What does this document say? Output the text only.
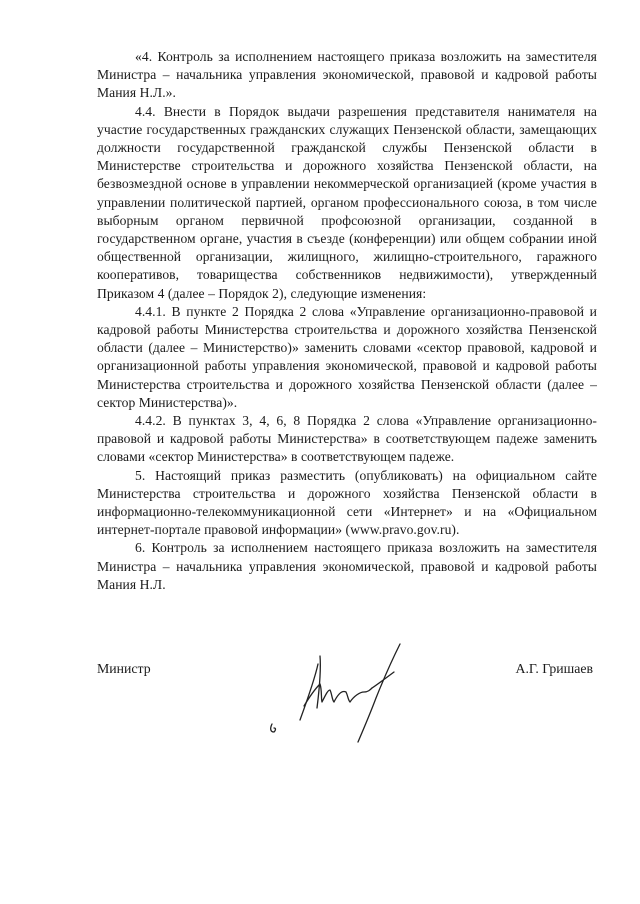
«4. Контроль за исполнением настоящего приказа возложить на заместителя Министра – начальника управления экономической, правовой и кадровой работы Мания Н.Л.».

4.4. Внести в Порядок выдачи разрешения представителя нанимателя на участие государственных гражданских служащих Пензенской области, замещающих должности государственной гражданской службы Пензенской области в Министерстве строительства и дорожного хозяйства Пензенской области, на безвозмездной основе в управлении некоммерческой организацией (кроме участия в управлении политической партией, органом профессионального союза, в том числе выборным органом первичной профсоюзной организации, созданной в государственном органе, участия в съезде (конференции) или общем собрании иной общественной организации, жилищного, жилищно-строительного, гаражного кооперативов, товарищества собственников недвижимости), утвержденный Приказом 4 (далее – Порядок 2), следующие изменения:

4.4.1. В пункте 2 Порядка 2 слова «Управление организационно-правовой и кадровой работы Министерства строительства и дорожного хозяйства Пензенской области (далее – Министерство)» заменить словами «сектор правовой, кадровой и организационной работы управления экономической, правовой и кадровой работы Министерства строительства и дорожного хозяйства Пензенской области (далее – сектор Министерства)».

4.4.2. В пунктах 3, 4, 6, 8 Порядка 2 слова «Управление организационно-правовой и кадровой работы Министерства» в соответствующем падеже заменить словами «сектор Министерства» в соответствующем падеже.

5. Настоящий приказ разместить (опубликовать) на официальном сайте Министерства строительства и дорожного хозяйства Пензенской области в информационно-телекоммуникационной сети «Интернет» и на «Официальном интернет-портале правовой информации» (www.pravo.gov.ru).

6. Контроль за исполнением настоящего приказа возложить на заместителя Министра – начальника управления экономической, правовой и кадровой работы Мания Н.Л.

Министр	А.Г. Гришаев
